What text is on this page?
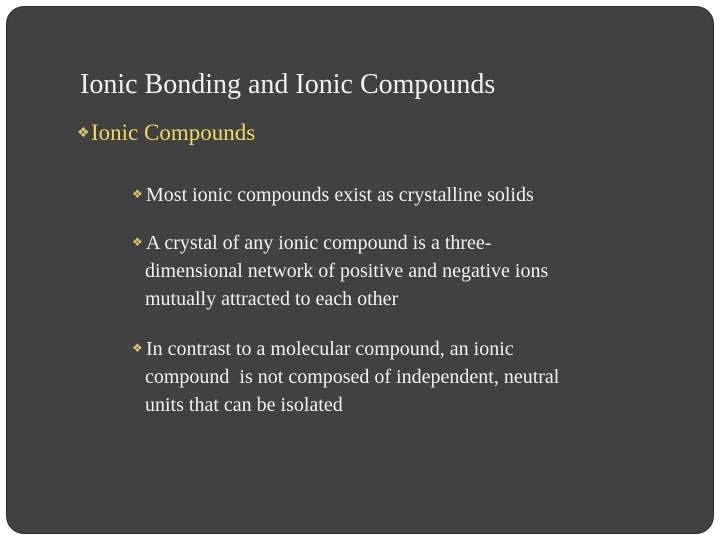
Ionic Bonding and Ionic Compounds
❖Ionic Compounds
❖ Most ionic compounds exist as crystalline solids
❖ A crystal of any ionic compound is a three-
dimensional network of positive and negative ions
mutually attracted to each other
❖ In contrast to a molecular compound, an ionic
compound  is not composed of independent, neutral
units that can be isolated
